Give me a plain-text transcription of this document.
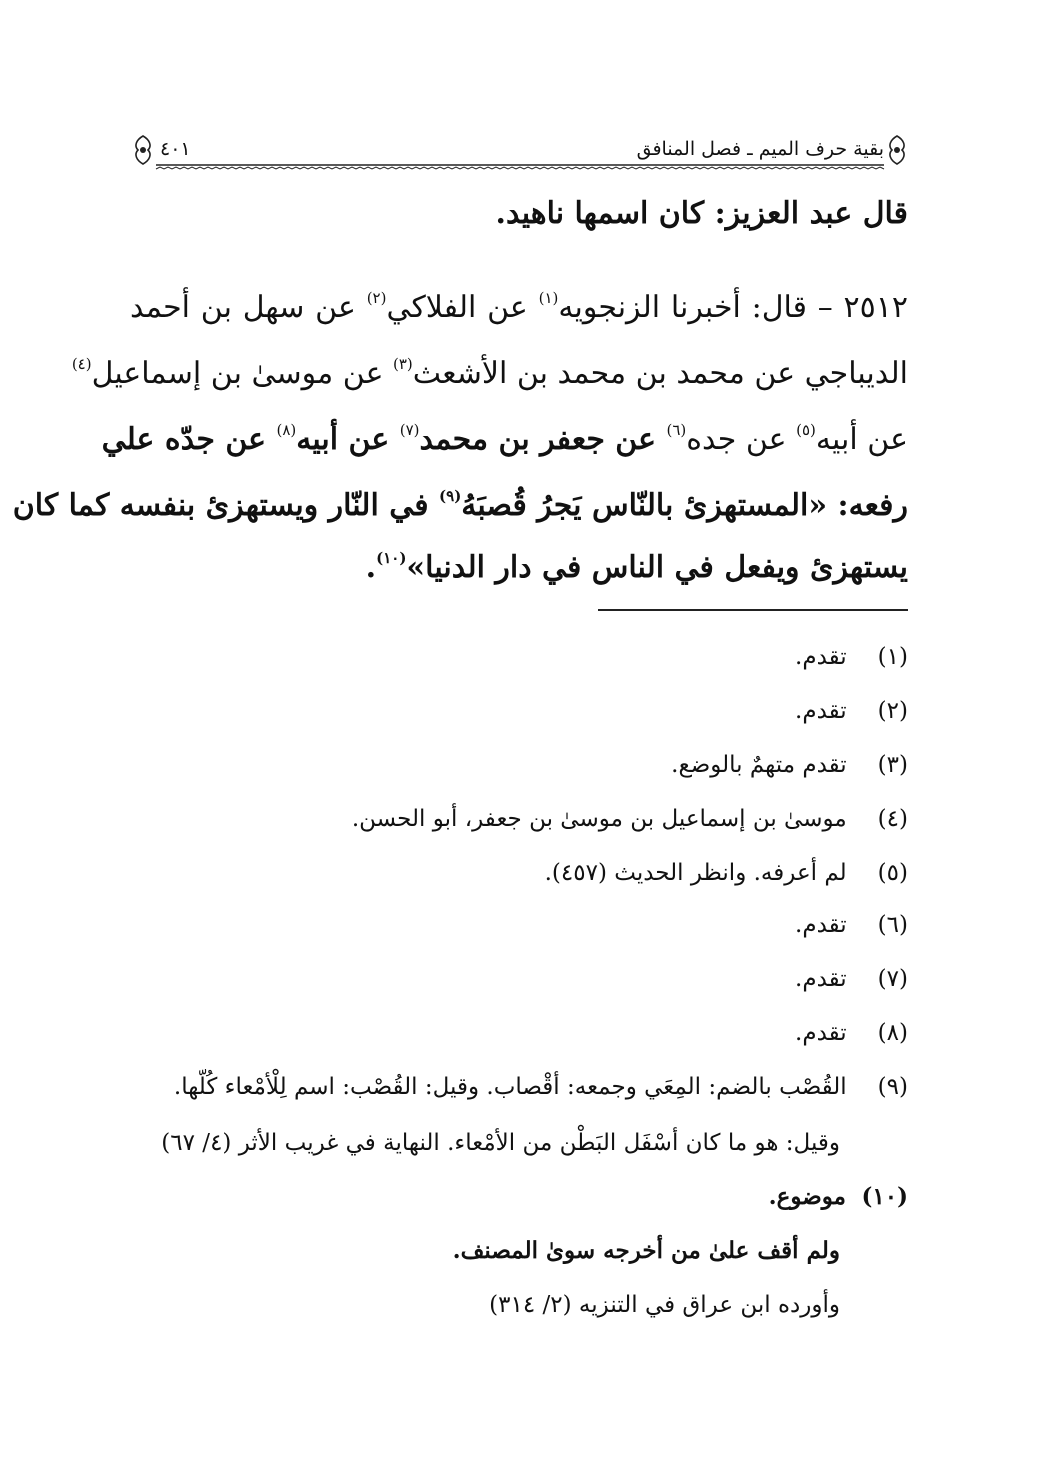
بقية حرف الميم ـ فصل المنافق
٤٠١
قال عبد العزيز: كان اسمها ناهيد.
٢٥١٢ – قال: أخبرنا الزنجويه$^{(١)}$ عن الفلاكي$^{(٢)}$ عن سهل بن أحمد
الديباجي عن محمد بن محمد بن الأشعث$^{(٣)}$ عن موسىٰ بن إسماعيل$^{(٤)}$
عن أبيه$^{(٥)}$ عن جده$^{(٦)}$ عن جعفر بن محمد$^{(٧)}$ عن أبيه$^{(٨)}$ عن جدّه علي
رفعه: «المستهزئ بالنّاس يَجرُ قُصبَهُ$^{(٩)}$ في النّار ويستهزئ بنفسه كما كان
يستهزئ ويفعل في الناس في دار الدنيا»$^{(١٠)}$.
(١) تقدم.
(٢) تقدم.
(٣) تقدم متهمٌ بالوضع.
(٤) موسىٰ بن إسماعيل بن موسىٰ بن جعفر، أبو الحسن.
(٥) لم أعرفه. وانظر الحديث (٤٥٧).
(٦) تقدم.
(٧) تقدم.
(٨) تقدم.
(٩) القُصْب بالضم: المِعَي وجمعه: أقْصاب. وقيل: القُصْب: اسم لِلْأمْعاء كُلّها.
وقيل: هو ما كان أسْفَل البَطْن من الأمْعاء. النهاية في غريب الأثر (٤/ ٦٧)
(١٠) موضوع.
ولم أقف علىٰ من أخرجه سوىٰ المصنف.
وأورده ابن عراق في التنزيه (٢/ ٣١٤)
